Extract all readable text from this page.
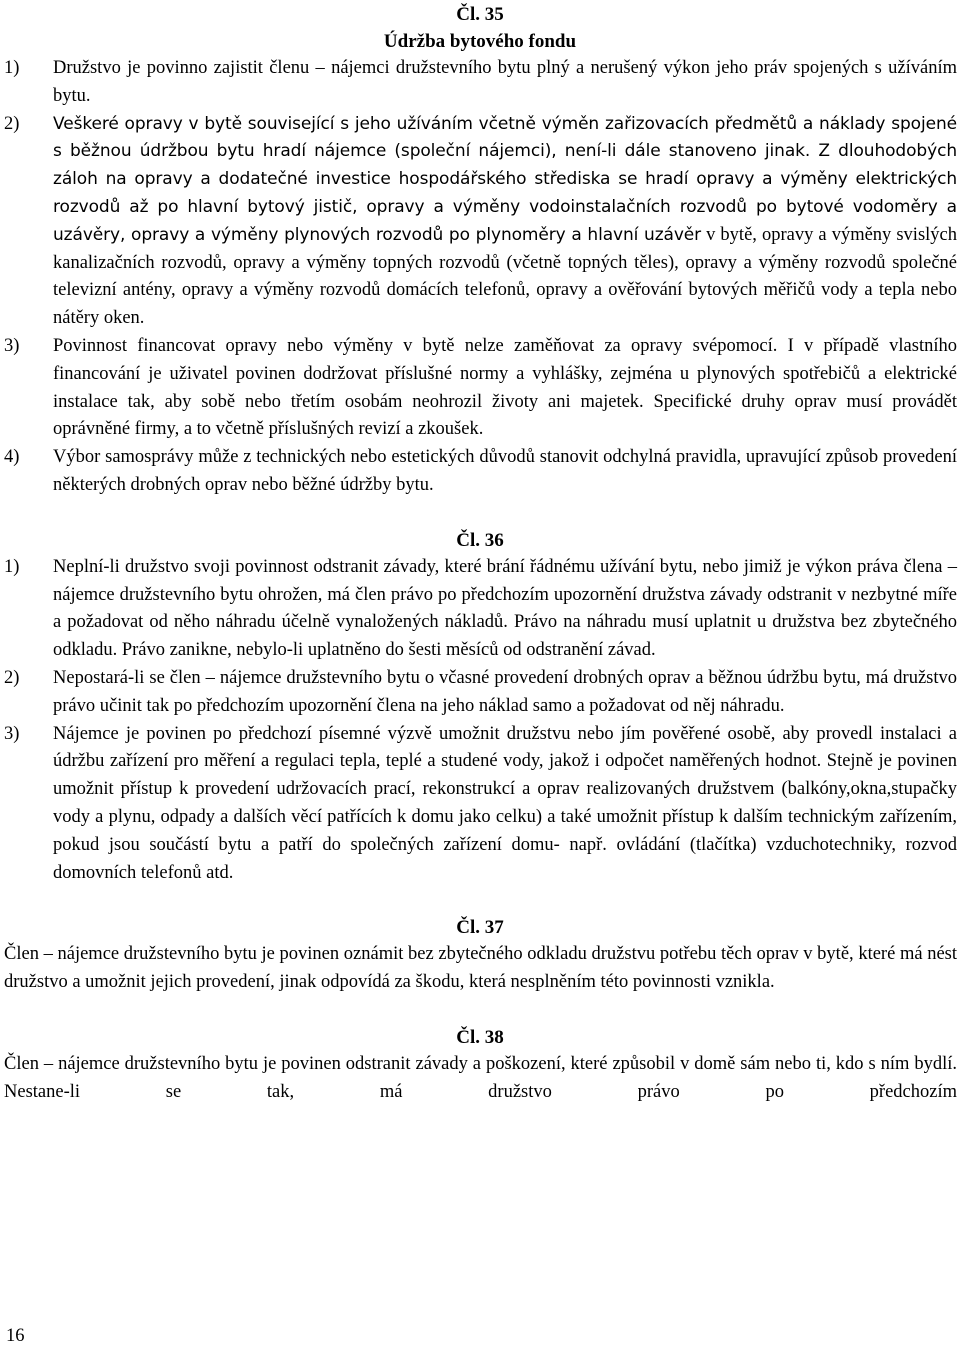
Čl. 35

Údržba bytového fondu

1) Družstvo je povinno zajistit členu – nájemci družstevního bytu plný a nerušený výkon jeho práv spojených s užíváním bytu.
2) Veškeré opravy v bytě související s jeho užíváním včetně výměn zařizovacích předmětů a náklady spojené s běžnou údržbou bytu hradí nájemce (společní nájemci), není-li dále stanoveno jinak. Z dlouhodobých záloh na opravy a dodatečné investice hospodářského střediska se hradí opravy a výměny elektrických rozvodů až po hlavní bytový jistič, opravy a výměny vodoinstalačních rozvodů po bytové vodoměry a uzávěry, opravy a výměny plynových rozvodů po plynoměry a hlavní uzávěr v bytě, opravy a výměny svislých kanalizačních rozvodů, opravy a výměny topných rozvodů (včetně topných těles), opravy a výměny rozvodů společné televizní antény, opravy a výměny rozvodů domácích telefonů, opravy a ověřování bytových měřičů vody a tepla nebo nátěry oken.
3) Povinnost financovat opravy nebo výměny v bytě nelze zaměňovat za opravy svépomocí. I v případě vlastního financování je uživatel povinen dodržovat příslušné normy a vyhlášky, zejména u plynových spotřebičů a elektrické instalace tak, aby sobě nebo třetím osobám neohrozil životy ani majetek. Specifické druhy oprav musí provádět oprávněné firmy, a to včetně příslušných revizí a zkoušek.
4) Výbor samosprávy může z technických nebo estetických důvodů stanovit odchylná pravidla, upravující způsob provedení některých drobných oprav nebo běžné údržby bytu.

Čl. 36

1) Neplní-li družstvo svoji povinnost odstranit závady, které brání řádnému užívání bytu, nebo jimiž je výkon práva člena – nájemce družstevního bytu ohrožen, má člen právo po předchozím upozornění družstva závady odstranit v nezbytné míře a požadovat od něho náhradu účelně vynaložených nákladů. Právo na náhradu musí uplatnit u družstva bez zbytečného odkladu. Právo zanikne, nebylo-li uplatněno do šesti měsíců od odstranění závad.
2) Nepostará-li se člen – nájemce družstevního bytu o včasné provedení drobných oprav a běžnou údržbu bytu, má družstvo právo učinit tak po předchozím upozornění člena na jeho náklad samo a požadovat od něj náhradu.
3) Nájemce je povinen po předchozí písemné výzvě umožnit družstvu nebo jím pověřené osobě, aby provedl instalaci a údržbu zařízení pro měření a regulaci tepla, teplé a studené vody, jakož i odpočet naměřených hodnot. Stejně je povinen umožnit přístup k provedení udržovacích prací, rekonstrukcí a oprav realizovaných družstvem (balkóny,okna,stupačky vody a plynu, odpady a dalších věcí patřících k domu jako celku) a také umožnit přístup k dalším technickým zařízením, pokud jsou součástí bytu a patří do společných zařízení domu- např. ovládání (tlačítka) vzduchotechniky, rozvod domovních telefonů atd.

Čl. 37

Člen – nájemce družstevního bytu je povinen oznámit bez zbytečného odkladu družstvu potřebu těch oprav v bytě, které má nést družstvo a umožnit jejich provedení, jinak odpovídá za škodu, která nesplněním této povinnosti vznikla.

Čl. 38

Člen – nájemce družstevního bytu je povinen odstranit závady a poškození, které způsobil v domě sám nebo ti, kdo s ním bydlí. Nestane-li se tak, má družstvo právo po předchozím
16
